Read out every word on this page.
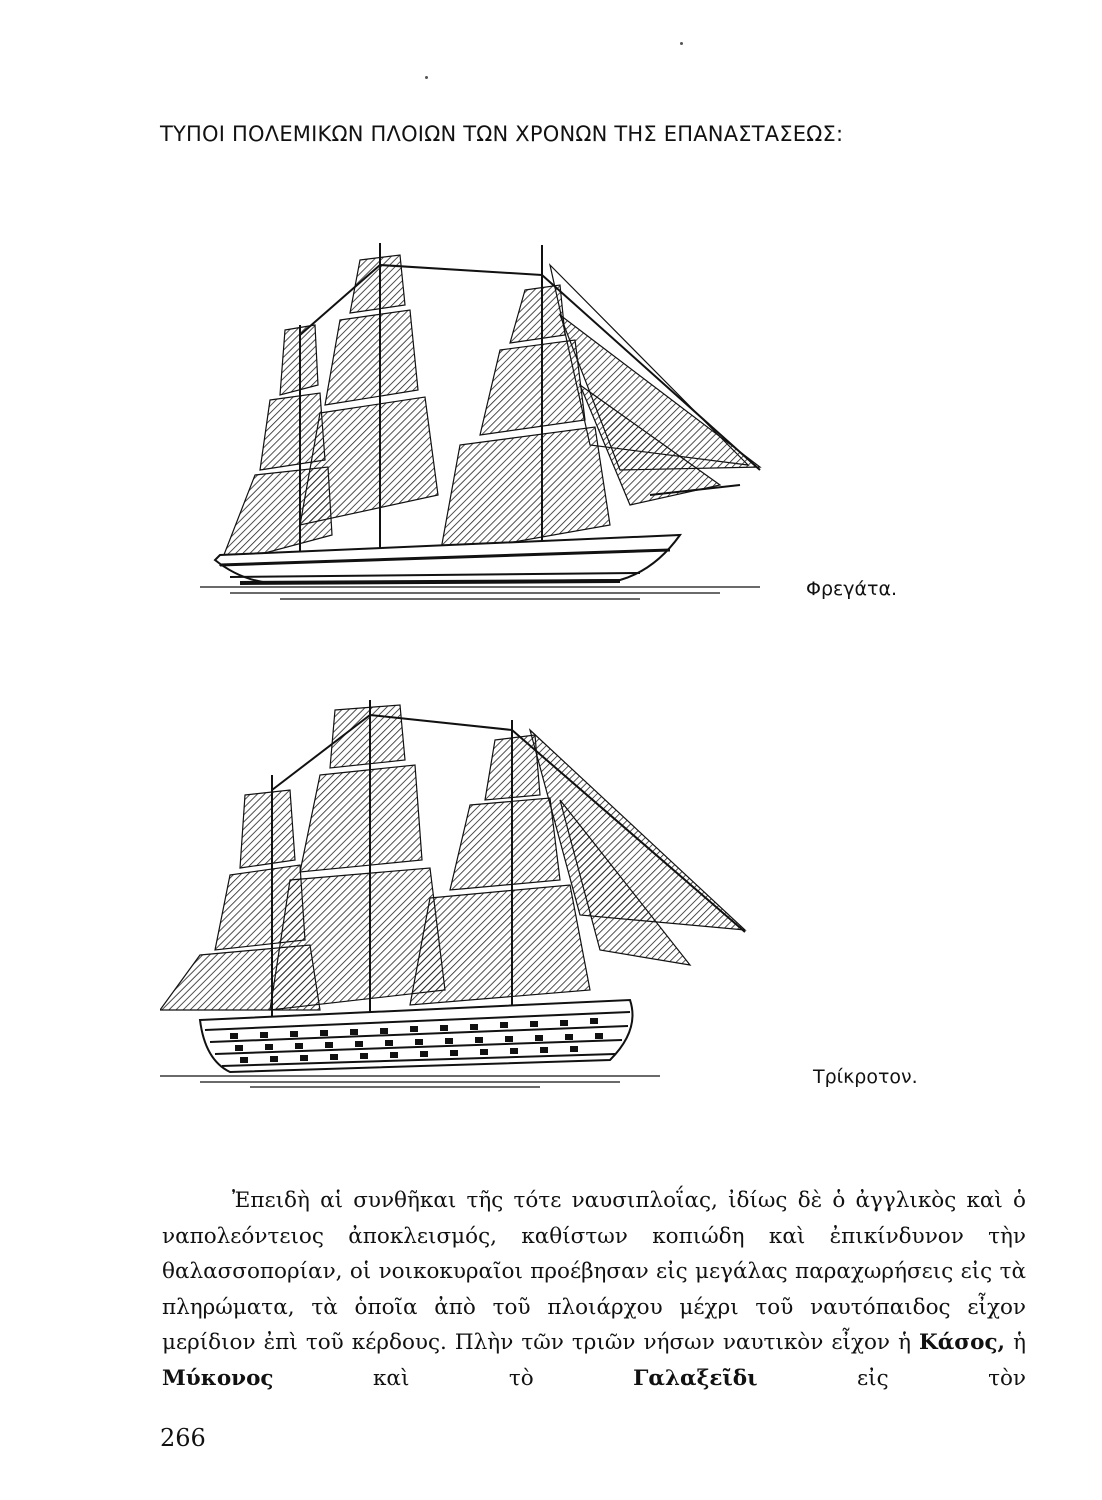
ΤΥΠΟΙ ΠΟΛΕΜΙΚΩΝ ΠΛΟΙΩΝ ΤΩΝ ΧΡΟΝΩΝ ΤΗΣ ΕΠΑΝΑΣΤΑΣΕΩΣ:
Φρεγάτα.
Τρίκροτον.

Ἐπειδὴ αἱ συνθῆκαι τῆς τότε ναυσιπλοΐας, ἰδίως δὲ ὁ ἀγγλικὸς καὶ ὁ ναπολεόντειος ἀποκλεισμός, καθίστων κοπιώδη καὶ ἐπικίνδυνον τὴν θαλασσοπορίαν, οἱ νοικοκυραῖοι προέβησαν εἰς μεγάλας παραχωρήσεις εἰς τὰ πληρώματα, τὰ ὁποῖα ἀπὸ τοῦ πλοιάρχου μέχρι τοῦ ναυτόπαιδος εἶχον μερίδιον ἐπὶ τοῦ κέρδους. Πλὴν τῶν τριῶν νήσων ναυτικὸν εἶχον ἡ Κάσος, ἡ Μύκονος καὶ τὸ	Γαλαξεῖδι εἰς τὸν

266
